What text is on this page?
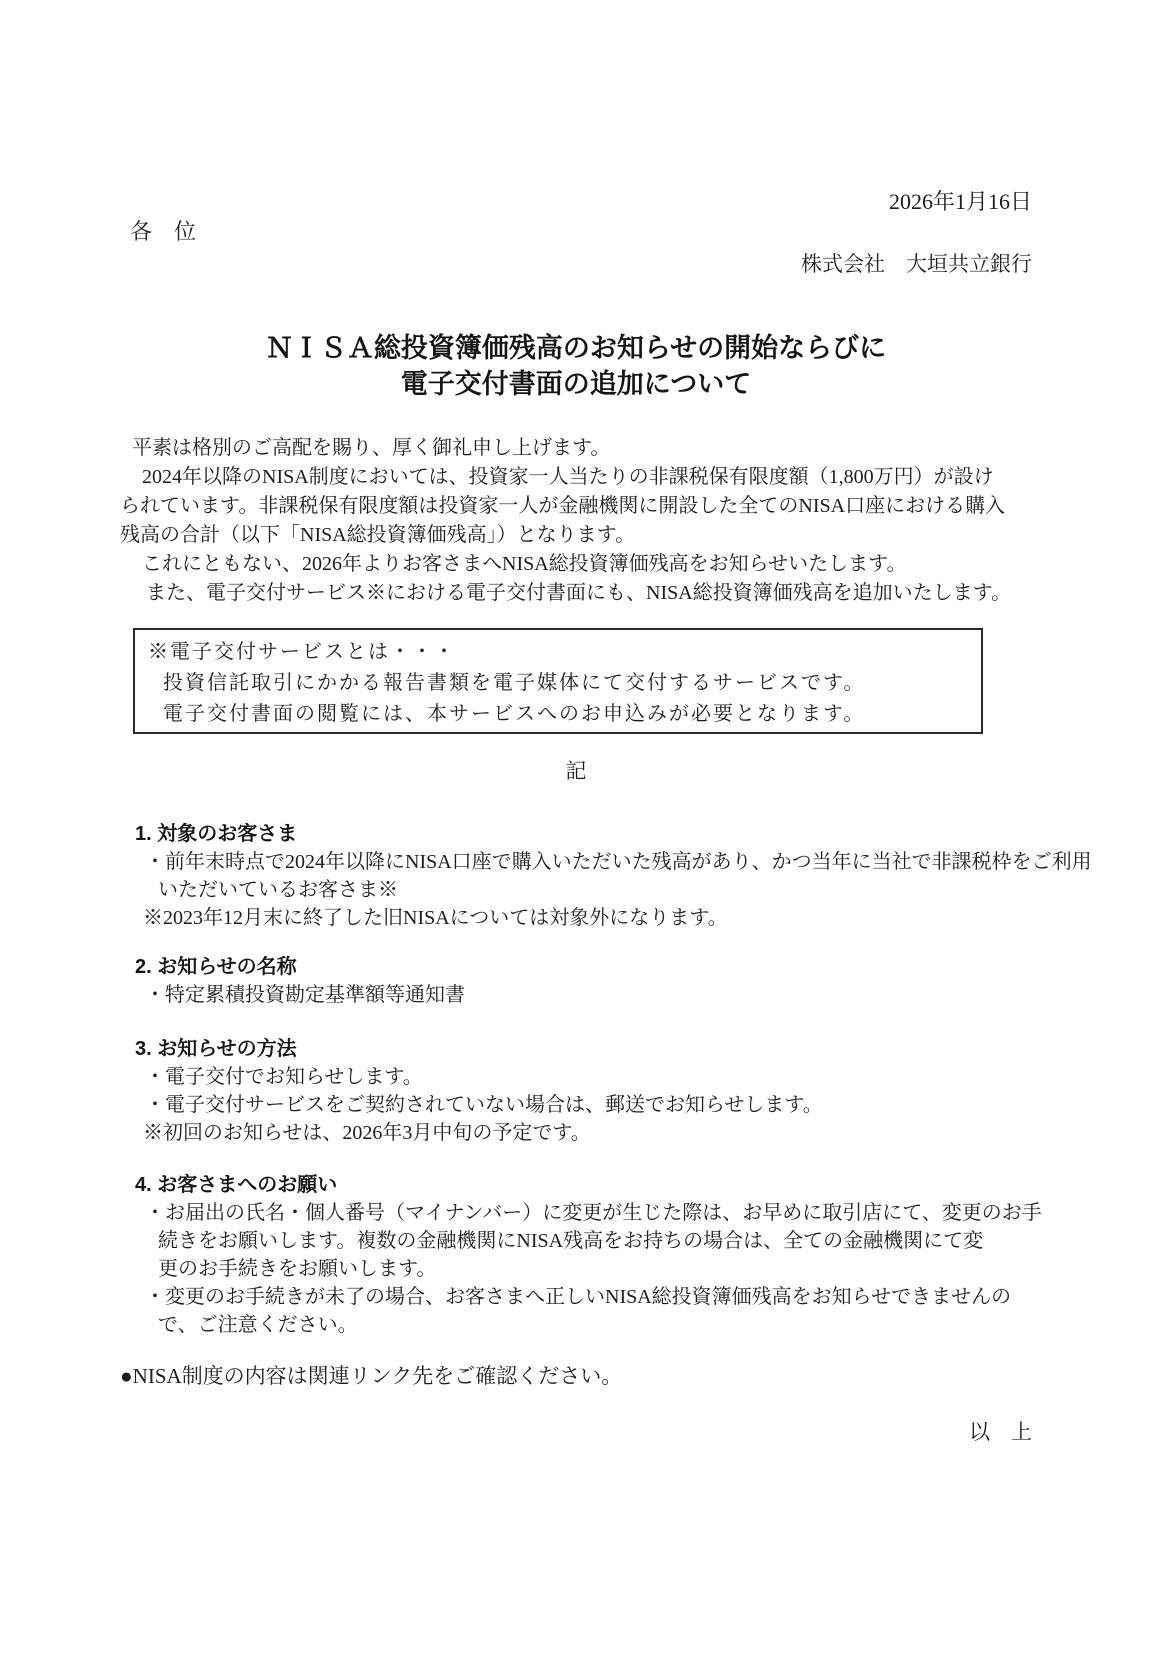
2026年1月16日
各　位
株式会社　大垣共立銀行
ＮＩＳＡ総投資簿価残高のお知らせの開始ならびに
電子交付書面の追加について
平素は格別のご高配を賜り、厚く御礼申し上げます。
2024年以降のNISA制度においては、投資家一人当たりの非課税保有限度額（1,800万円）が設け
られています。非課税保有限度額は投資家一人が金融機関に開設した全てのNISA口座における購入
残高の合計（以下「NISA総投資簿価残高」）となります。
これにともない、2026年よりお客さまへNISA総投資簿価残高をお知らせいたします。
また、電子交付サービス※における電子交付書面にも、NISA総投資簿価残高を追加いたします。
※電子交付サービスとは・・・
投資信託取引にかかる報告書類を電子媒体にて交付するサービスです。
電子交付書面の閲覧には、本サービスへのお申込みが必要となります。
記
1. 対象のお客さま
・前年末時点で2024年以降にNISA口座で購入いただいた残高があり、かつ当年に当社で非課税枠をご利用
いただいているお客さま※
※2023年12月末に終了した旧NISAについては対象外になります。
2. お知らせの名称
・特定累積投資勘定基準額等通知書
3. お知らせの方法
・電子交付でお知らせします。
・電子交付サービスをご契約されていない場合は、郵送でお知らせします。
※初回のお知らせは、2026年3月中旬の予定です。
4. お客さまへのお願い
・お届出の氏名・個人番号（マイナンバー）に変更が生じた際は、お早めに取引店にて、変更のお手
続きをお願いします。複数の金融機関にNISA残高をお持ちの場合は、全ての金融機関にて変
更のお手続きをお願いします。
・変更のお手続きが未了の場合、お客さまへ正しいNISA総投資簿価残高をお知らせできませんの
で、ご注意ください。
●NISA制度の内容は関連リンク先をご確認ください。
以　上
